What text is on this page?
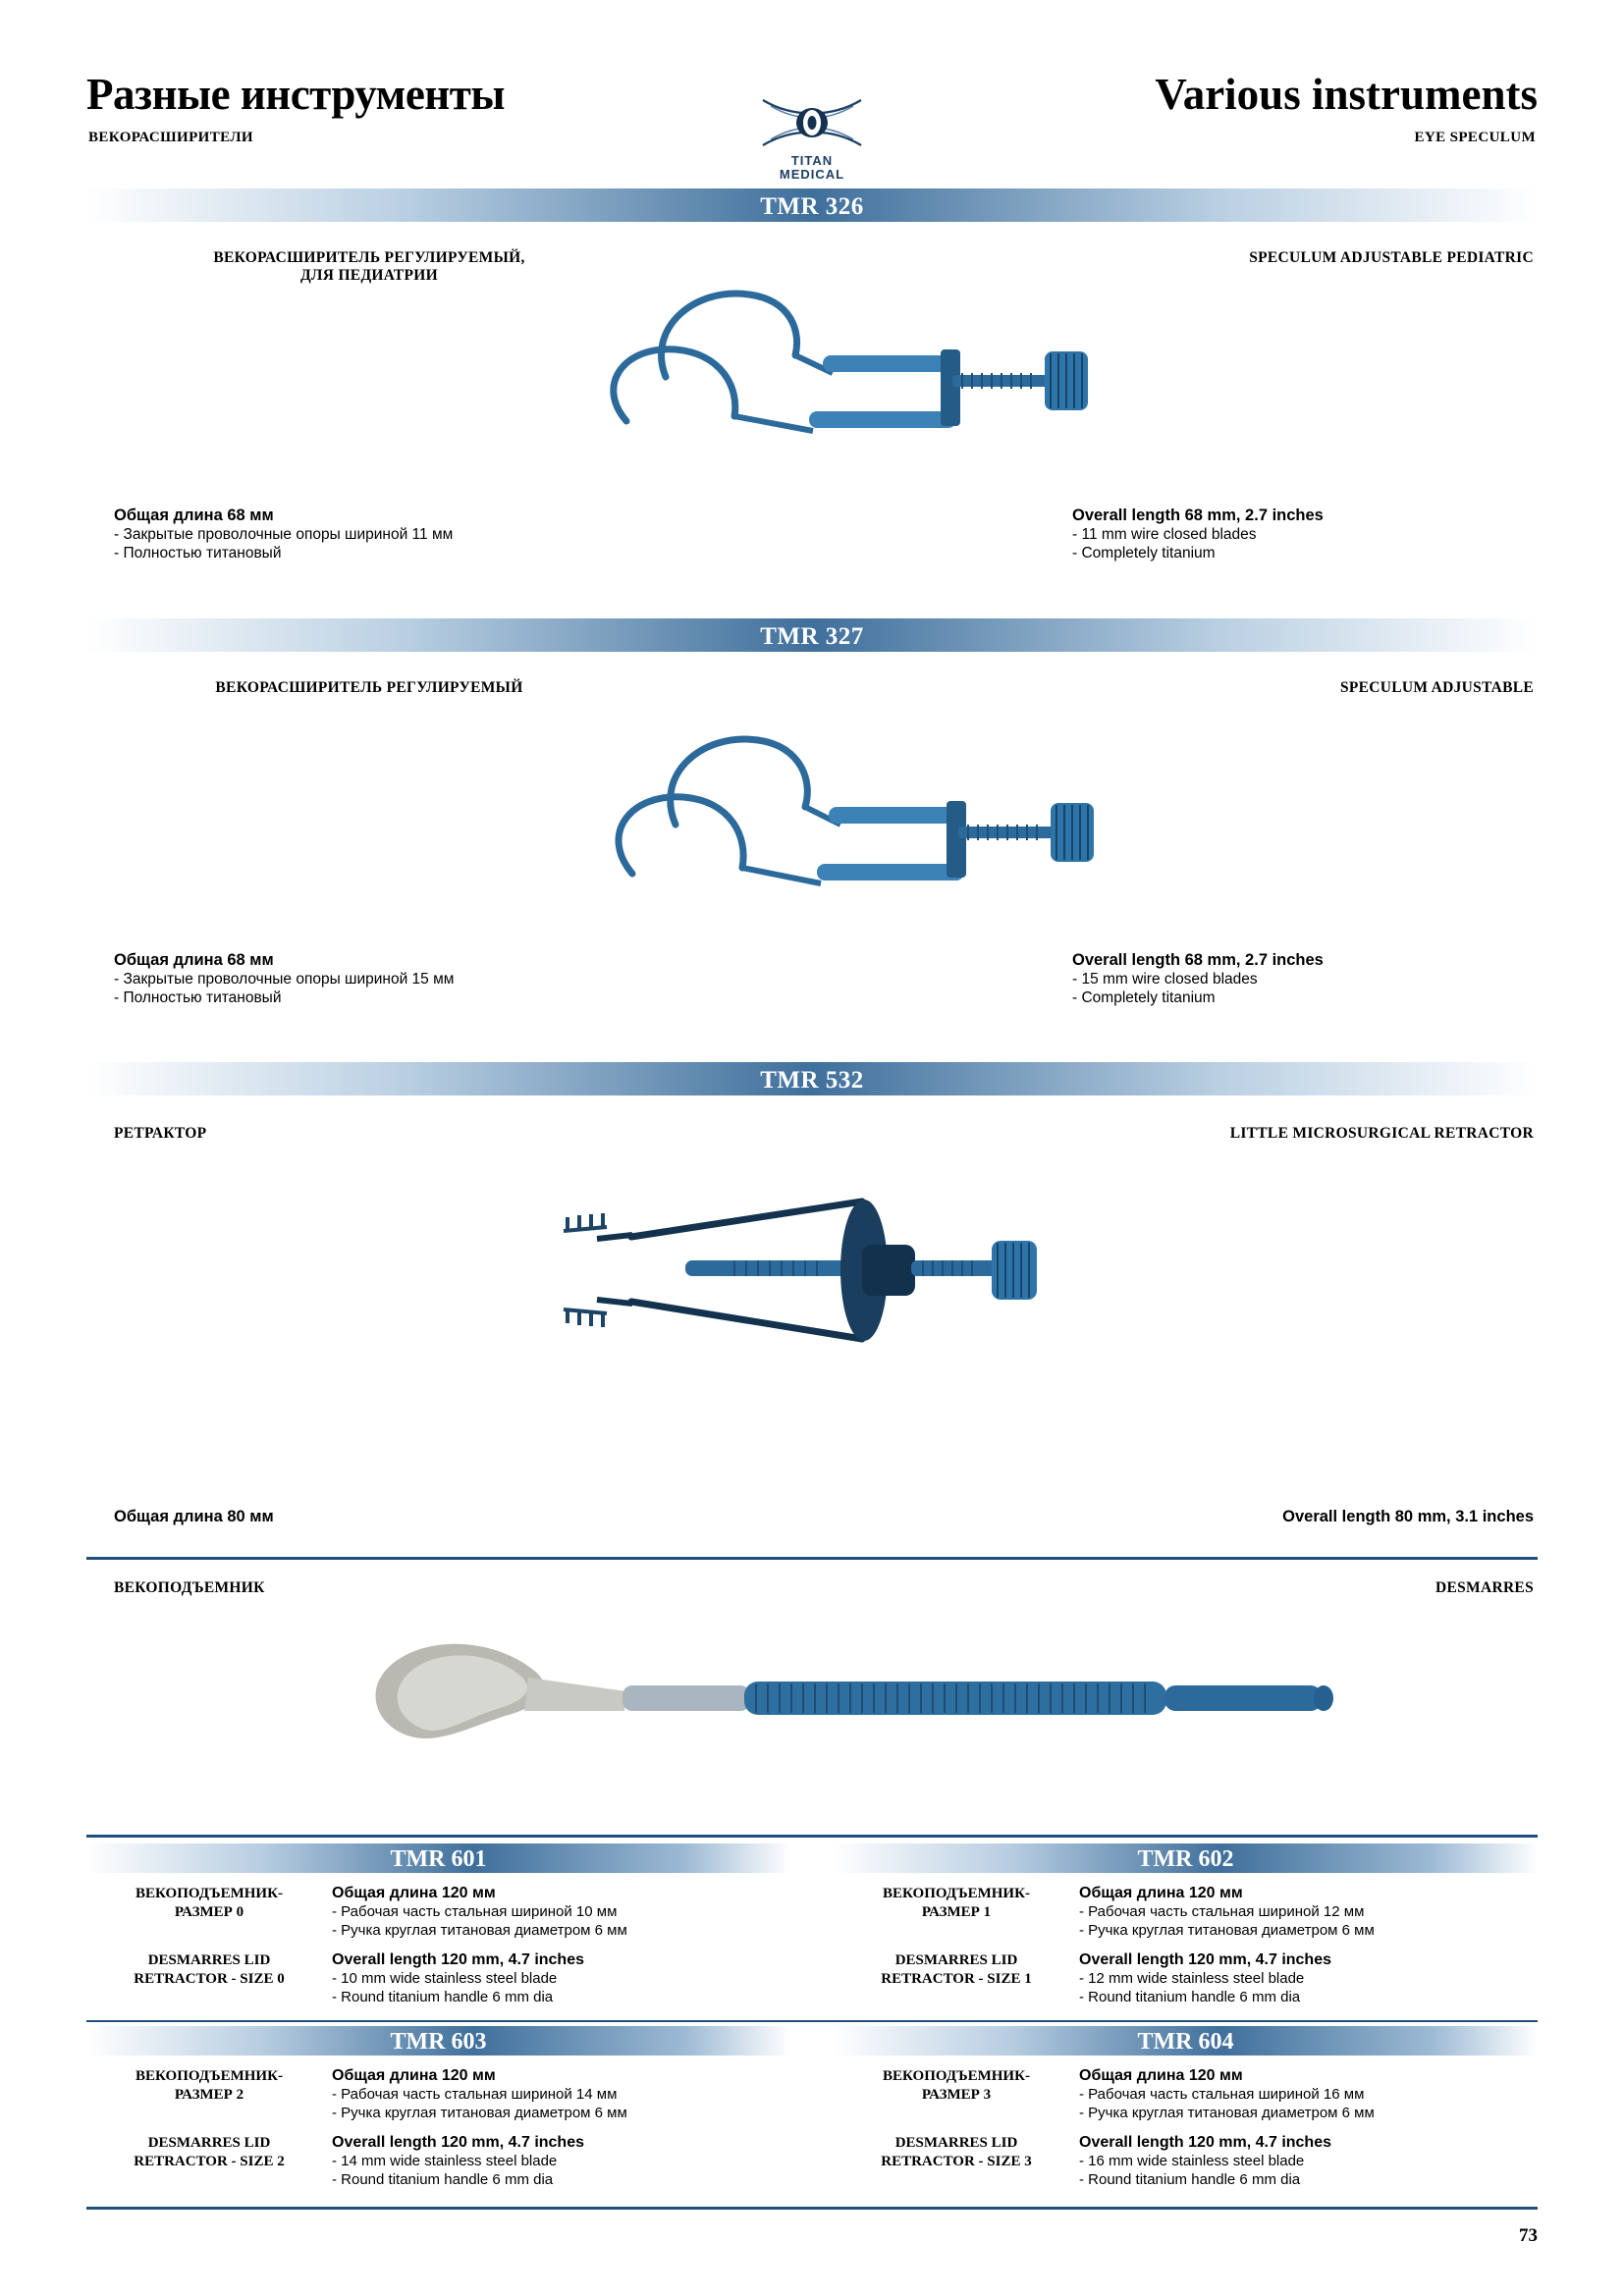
Разные инструменты	Various instruments
ВЕКОРАСШИРИТЕЛИ	EYE SPECULUM
TITAN
MEDICAL
TMR 326
ВЕКОРАСШИРИТЕЛЬ РЕГУЛИРУЕМЫЙ,
ДЛЯ ПЕДИАТРИИ
SPECULUM ADJUSTABLE PEDIATRIC
Общая длина 68 мм
- Закрытые проволочные опоры шириной 11 мм
- Полностью титановый
Overall length 68 mm, 2.7 inches
- 11 mm wire closed blades
- Completely titanium
TMR 327
ВЕКОРАСШИРИТЕЛЬ РЕГУЛИРУЕМЫЙ	SPECULUM ADJUSTABLE
Общая длина 68 мм
- Закрытые проволочные опоры шириной 15 мм
- Полностью титановый
Overall length 68 mm, 2.7 inches
- 15 mm wire closed blades
- Completely titanium
TMR 532
РЕТРАКТОР	LITTLE MICROSURGICAL RETRACTOR
Общая длина 80 мм	Overall length 80 mm, 3.1 inches
ВЕКОПОДЪЕМНИК	DESMARRES
TMR 601
ВЕКОПОДЪЕМНИК-
РАЗМЕР 0
Общая длина 120 мм
- Рабочая часть стальная шириной 10 мм
- Ручка круглая титановая диаметром 6 мм
DESMARRES LID
RETRACTOR - SIZE 0
Overall length 120 mm, 4.7 inches
- 10 mm wide stainless steel blade
- Round titanium handle 6 mm dia
TMR 602
ВЕКОПОДЪЕМНИК-
РАЗМЕР 1
Общая длина 120 мм
- Рабочая часть стальная шириной 12 мм
- Ручка круглая титановая диаметром 6 мм
DESMARRES LID
RETRACTOR - SIZE 1
Overall length 120 mm, 4.7 inches
- 12 mm wide stainless steel blade
- Round titanium handle 6 mm dia
TMR 603
ВЕКОПОДЪЕМНИК-
РАЗМЕР 2
Общая длина 120 мм
- Рабочая часть стальная шириной 14 мм
- Ручка круглая титановая диаметром 6 мм
DESMARRES LID
RETRACTOR - SIZE 2
Overall length 120 mm, 4.7 inches
- 14 mm wide stainless steel blade
- Round titanium handle 6 mm dia
TMR 604
ВЕКОПОДЪЕМНИК-
РАЗМЕР 3
Общая длина 120 мм
- Рабочая часть стальная шириной 16 мм
- Ручка круглая титановая диаметром 6 мм
DESMARRES LID
RETRACTOR - SIZE 3
Overall length 120 mm, 4.7 inches
- 16 mm wide stainless steel blade
- Round titanium handle 6 mm dia
73
